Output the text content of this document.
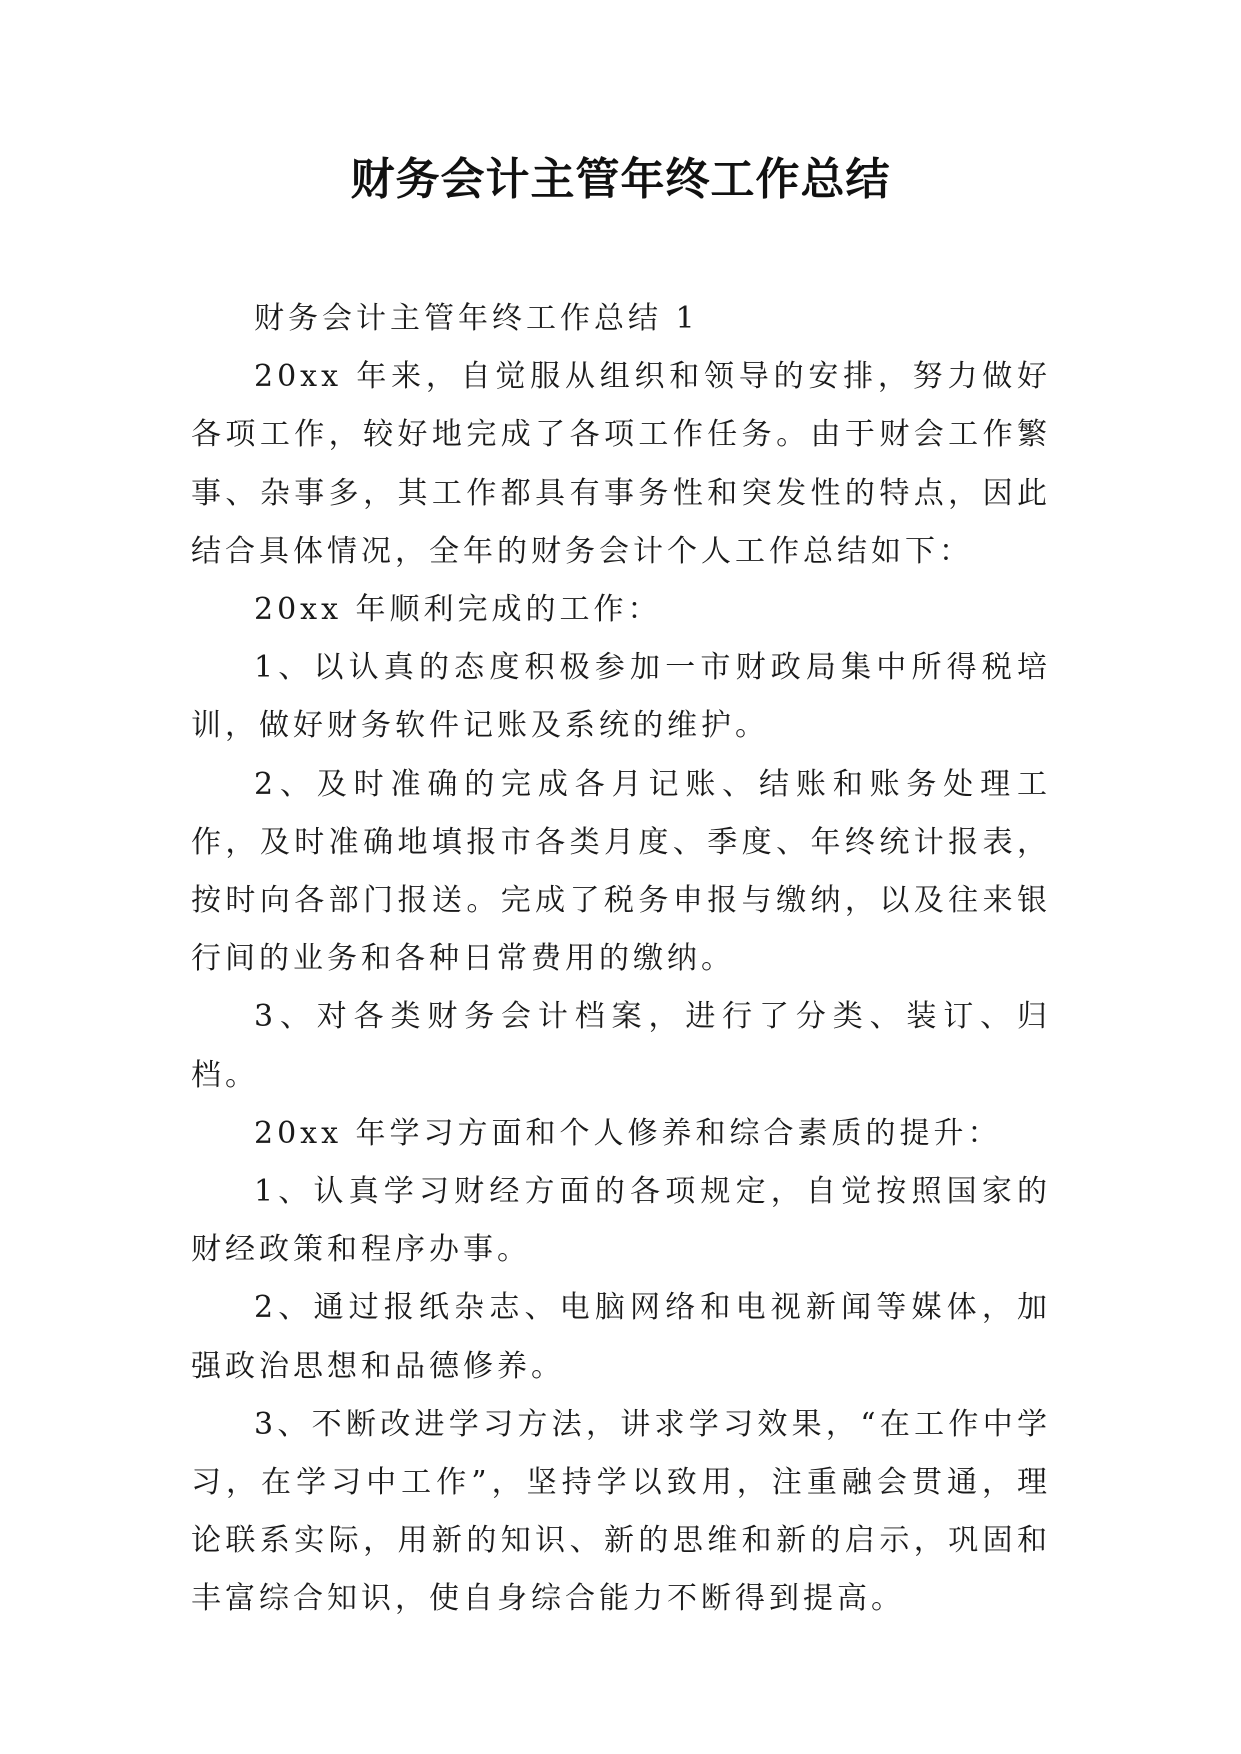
财务会计主管年终工作总结

财务会计主管年终工作总结 1

20xx 年来，自觉服从组织和领导的安排，努力做好各项工作，较好地完成了各项工作任务。由于财会工作繁事、杂事多，其工作都具有事务性和突发性的特点，因此结合具体情况，全年的财务会计个人工作总结如下：

20xx 年顺利完成的工作：

1、以认真的态度积极参加一市财政局集中所得税培训，做好财务软件记账及系统的维护。

2、及时准确的完成各月记账、结账和账务处理工作，及时准确地填报市各类月度、季度、年终统计报表，按时向各部门报送。完成了税务申报与缴纳，以及往来银行间的业务和各种日常费用的缴纳。

3、对各类财务会计档案，进行了分类、装订、归档。

20xx 年学习方面和个人修养和综合素质的提升：

1、认真学习财经方面的各项规定，自觉按照国家的财经政策和程序办事。

2、通过报纸杂志、电脑网络和电视新闻等媒体，加强政治思想和品德修养。

3、不断改进学习方法，讲求学习效果，“在工作中学习，在学习中工作”，坚持学以致用，注重融会贯通，理论联系实际，用新的知识、新的思维和新的启示，巩固和丰富综合知识，使自身综合能力不断得到提高。
